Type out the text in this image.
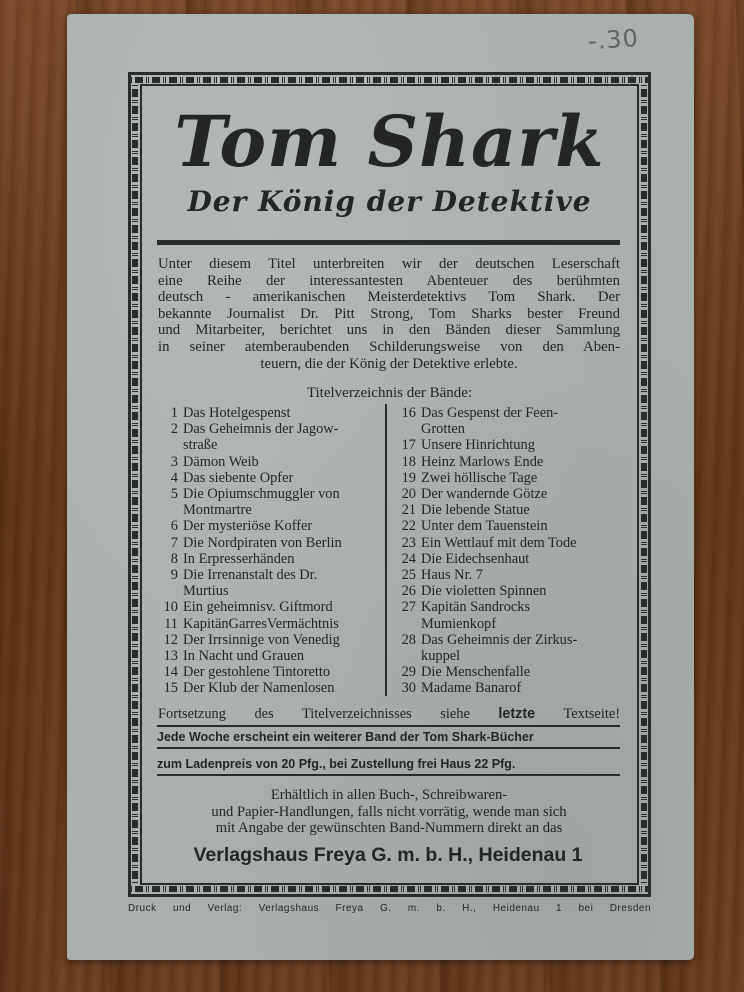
-.30
Tom Shark
Der König der Detektive
Unter diesem Titel unterbreiten wir der deutschen Leserschaft
eine Reihe der interessantesten Abenteuer des berühmten
deutsch - amerikanischen Meisterdetektivs Tom Shark. Der
bekannte Journalist Dr. Pitt Strong, Tom Sharks bester Freund
und Mitarbeiter, berichtet uns in den Bänden dieser Sammlung
in seiner atemberaubenden Schilderungsweise von den Aben-
teuern, die der König der Detektive erlebte.
Titelverzeichnis der Bände:
1 Das Hotelgespenst
2 Das Geheimnis der Jagow-
straße
3 Dämon Weib
4 Das siebente Opfer
5 Die Opiumschmuggler von Montmartre
6 Der mysteriöse Koffer
7 Die Nordpiraten von Berlin
8 In Erpresserhänden
9 Die Irrenanstalt des Dr. Murtius
10 Ein geheimnisv. Giftmord
11 KapitänGarresVermächtnis
12 Der Irrsinnige von Venedig
13 In Nacht und Grauen
14 Der gestohlene Tintoretto
15 Der Klub der Namenlosen
16 Das Gespenst der Feen-
Grotten
17 Unsere Hinrichtung
18 Heinz Marlows Ende
19 Zwei höllische Tage
20 Der wandernde Götze
21 Die lebende Statue
22 Unter dem Tauenstein
23 Ein Wettlauf mit dem Tode
24 Die Eidechsenhaut
25 Haus Nr. 7
26 Die violetten Spinnen
27 Kapitän Sandrocks Mumienkopf
28 Das Geheimnis der Zirkus-
kuppel
29 Die Menschenfalle
30 Madame Banarof
Fortsetzung des Titelverzeichnisses siehe letzte Textseite!
Jede Woche erscheint ein weiterer Band der Tom Shark-Bücher
zum Ladenpreis von 20 Pfg., bei Zustellung frei Haus 22 Pfg.
Erhältlich in allen Buch-, Schreibwaren-
und Papier-Handlungen, falls nicht vorrätig, wende man sich
mit Angabe der gewünschten Band-Nummern direkt an das
Verlagshaus Freya G. m. b. H., Heidenau 1
Druck und Verlag: Verlagshaus Freya G. m. b. H., Heidenau 1 bei Dresden
